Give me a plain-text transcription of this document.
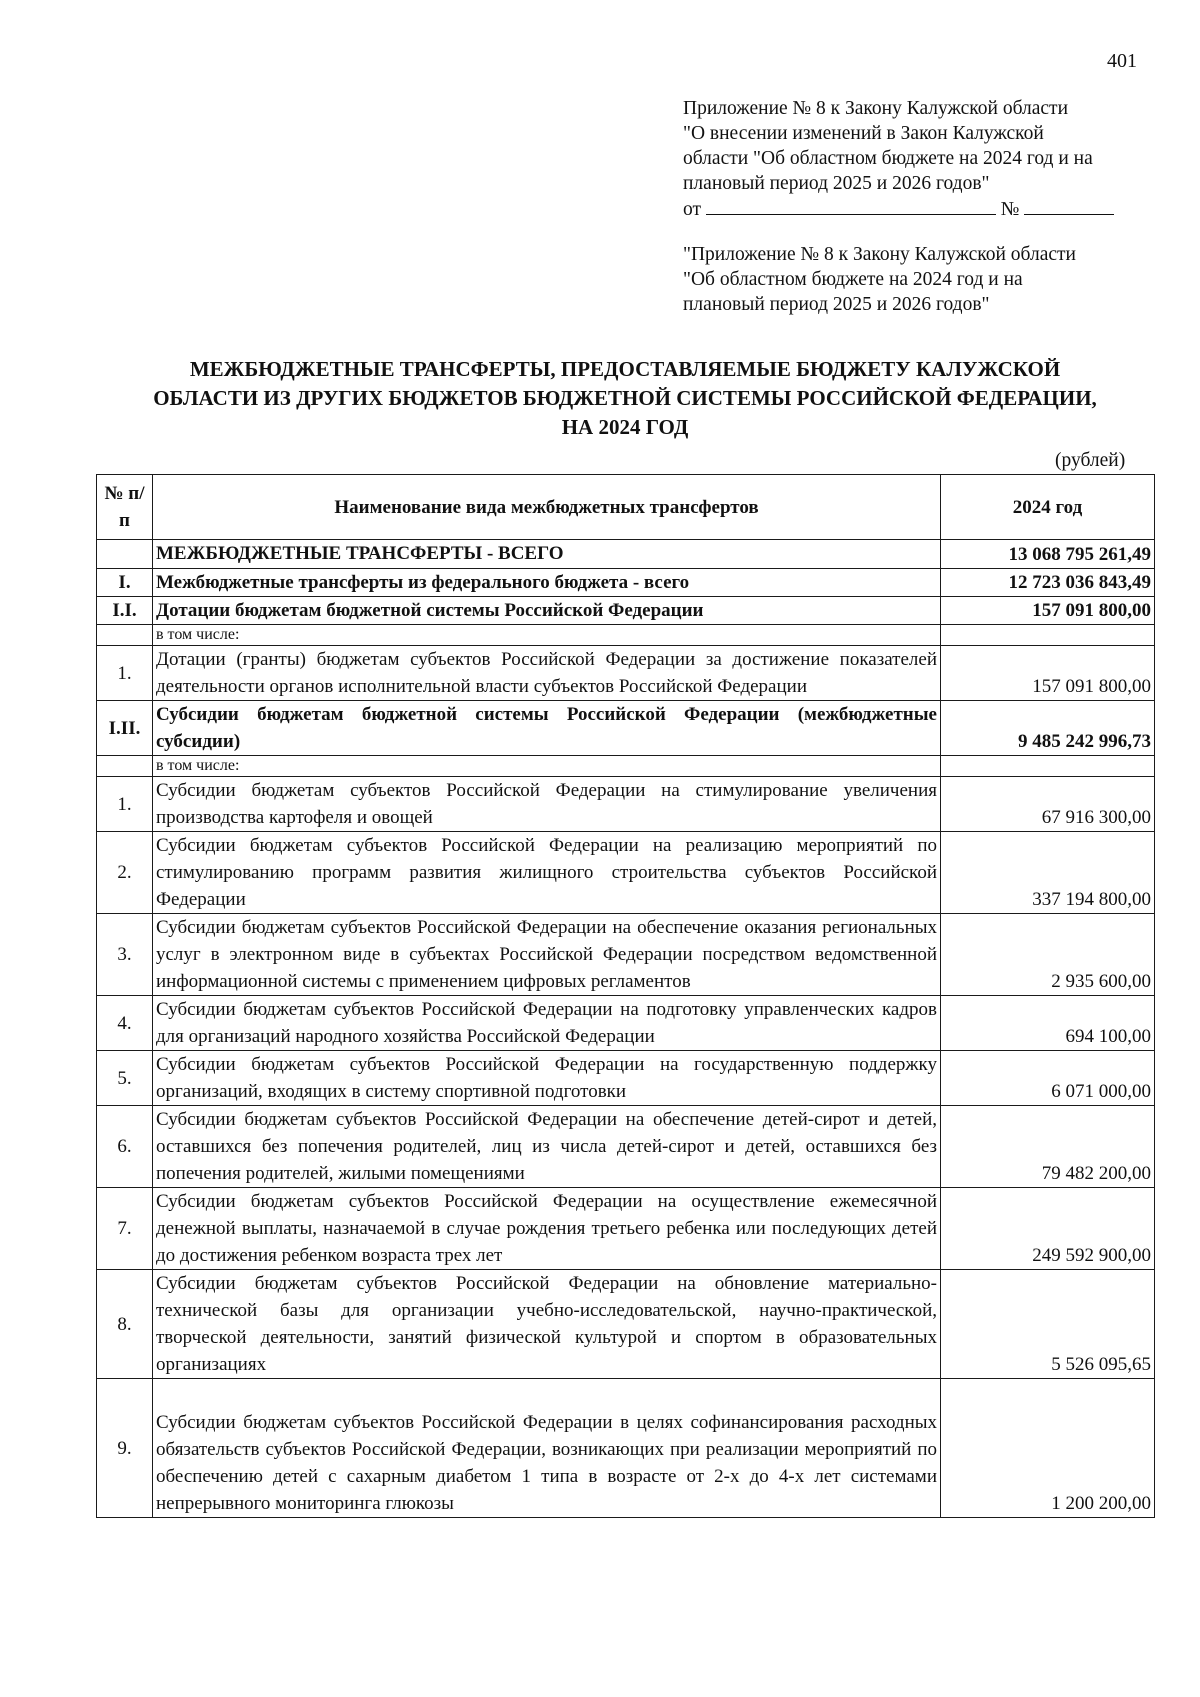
401
Приложение № 8 к Закону Калужской области
"О внесении изменений в Закон Калужской
области "Об областном бюджете на 2024 год и на
плановый период 2025 и 2026 годов"
от	№
"Приложение № 8 к Закону Калужской области
"Об областном бюджете на 2024 год и на
плановый период 2025 и 2026 годов"
МЕЖБЮДЖЕТНЫЕ ТРАНСФЕРТЫ, ПРЕДОСТАВЛЯЕМЫЕ БЮДЖЕТУ КАЛУЖСКОЙ
ОБЛАСТИ ИЗ ДРУГИХ БЮДЖЕТОВ БЮДЖЕТНОЙ СИСТЕМЫ РОССИЙСКОЙ ФЕДЕРАЦИИ,
НА 2024 ГОД
(рублей)
№ п/п	Наименование вида межбюджетных трансфертов	2024 год
	МЕЖБЮДЖЕТНЫЕ ТРАНСФЕРТЫ - ВСЕГО	13 068 795 261,49
I.	Межбюджетные трансферты из федерального бюджета - всего	12 723 036 843,49
I.I.	Дотации бюджетам бюджетной системы Российской Федерации	157 091 800,00
	в том числе:	
1.	Дотации (гранты) бюджетам субъектов Российской Федерации за достижение показателей деятельности органов исполнительной власти субъектов Российской Федерации	157 091 800,00
I.II.	Субсидии бюджетам бюджетной системы Российской Федерации (межбюджетные субсидии)	9 485 242 996,73
	в том числе:	
1.	Субсидии бюджетам субъектов Российской Федерации на стимулирование увеличения производства картофеля и овощей	67 916 300,00
2.	Субсидии бюджетам субъектов Российской Федерации на реализацию мероприятий по стимулированию программ развития жилищного строительства субъектов Российской Федерации	337 194 800,00
3.	Субсидии бюджетам субъектов Российской Федерации на обеспечение оказания региональных услуг в электронном виде в субъектах Российской Федерации посредством ведомственной информационной системы с применением цифровых регламентов	2 935 600,00
4.	Субсидии бюджетам субъектов Российской Федерации на подготовку управленческих кадров для организаций народного хозяйства Российской Федерации	694 100,00
5.	Субсидии бюджетам субъектов Российской Федерации на государственную поддержку организаций, входящих в систему спортивной подготовки	6 071 000,00
6.	Субсидии бюджетам субъектов Российской Федерации на обеспечение детей-сирот и детей, оставшихся без попечения родителей, лиц из числа детей-сирот и детей, оставшихся без попечения родителей, жилыми помещениями	79 482 200,00
7.	Субсидии бюджетам субъектов Российской Федерации на осуществление ежемесячной денежной выплаты, назначаемой в случае рождения третьего ребенка или последующих детей до достижения ребенком возраста трех лет	249 592 900,00
8.	Субсидии бюджетам субъектов Российской Федерации на обновление материально-технической базы для организации учебно-исследовательской, научно-практической, творческой деятельности, занятий физической культурой и спортом в образовательных организациях	5 526 095,65
9.	Субсидии бюджетам субъектов Российской Федерации в целях софинансирования расходных обязательств субъектов Российской Федерации, возникающих при реализации мероприятий по обеспечению детей с сахарным диабетом 1 типа в возрасте от 2-х до 4-х лет системами непрерывного мониторинга глюкозы	1 200 200,00
